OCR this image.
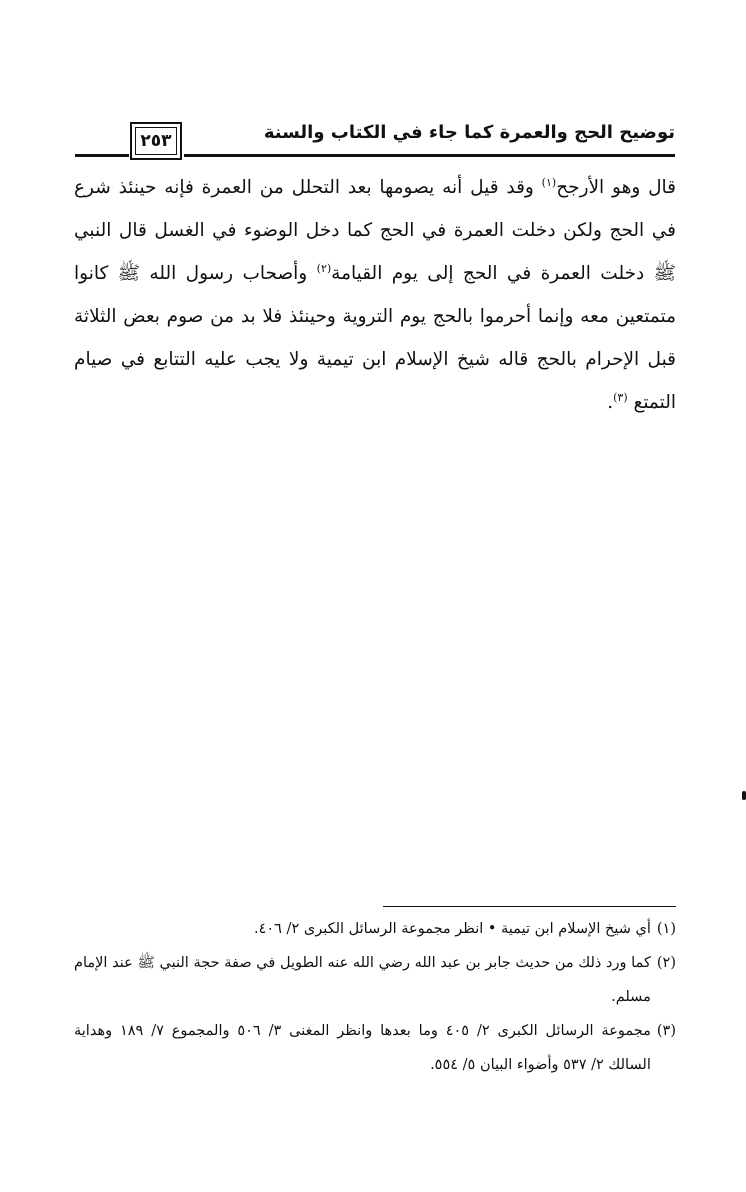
توضيح الحج والعمرة كما جاء في الكتاب والسنة
٢٥٣

قال وهو الأرجح$^{(١)}$ وقد قيل أنه يصومها بعد التحلل من العمرة فإنه حينئذ شرع في الحج ولكن دخلت العمرة في الحج كما دخل الوضوء في الغسل قال النبي ﷺ دخلت العمرة في الحج إلى يوم القيامة$^{(٢)}$ وأصحاب رسول الله ﷺ كانوا متمتعين معه وإنما أحرموا بالحج يوم التروية وحينئذ فلا بد من صوم بعض الثلاثة قبل الإحرام بالحج قاله شيخ الإسلام ابن تيمية ولا يجب عليه التتابع في صيام التمتع $^{(٣)}$.

(١)
أي شيخ الإسلام ابن تيمية • انظر مجموعة الرسائل الكبرى ٢/ ٤٠٦.
(٢)
كما ورد ذلك من حديث جابر بن عبد الله رضي الله عنه الطويل في صفة حجة النبي ﷺ عند الإمام مسلم.
(٣)
مجموعة الرسائل الكبرى ٢/ ٤٠٥ وما بعدها وانظر المغنى ٣/ ٥٠٦ والمجموع ٧/ ١٨٩ وهداية السالك ٢/ ٥٣٧ وأضواء البيان ٥/ ٥٥٤.
